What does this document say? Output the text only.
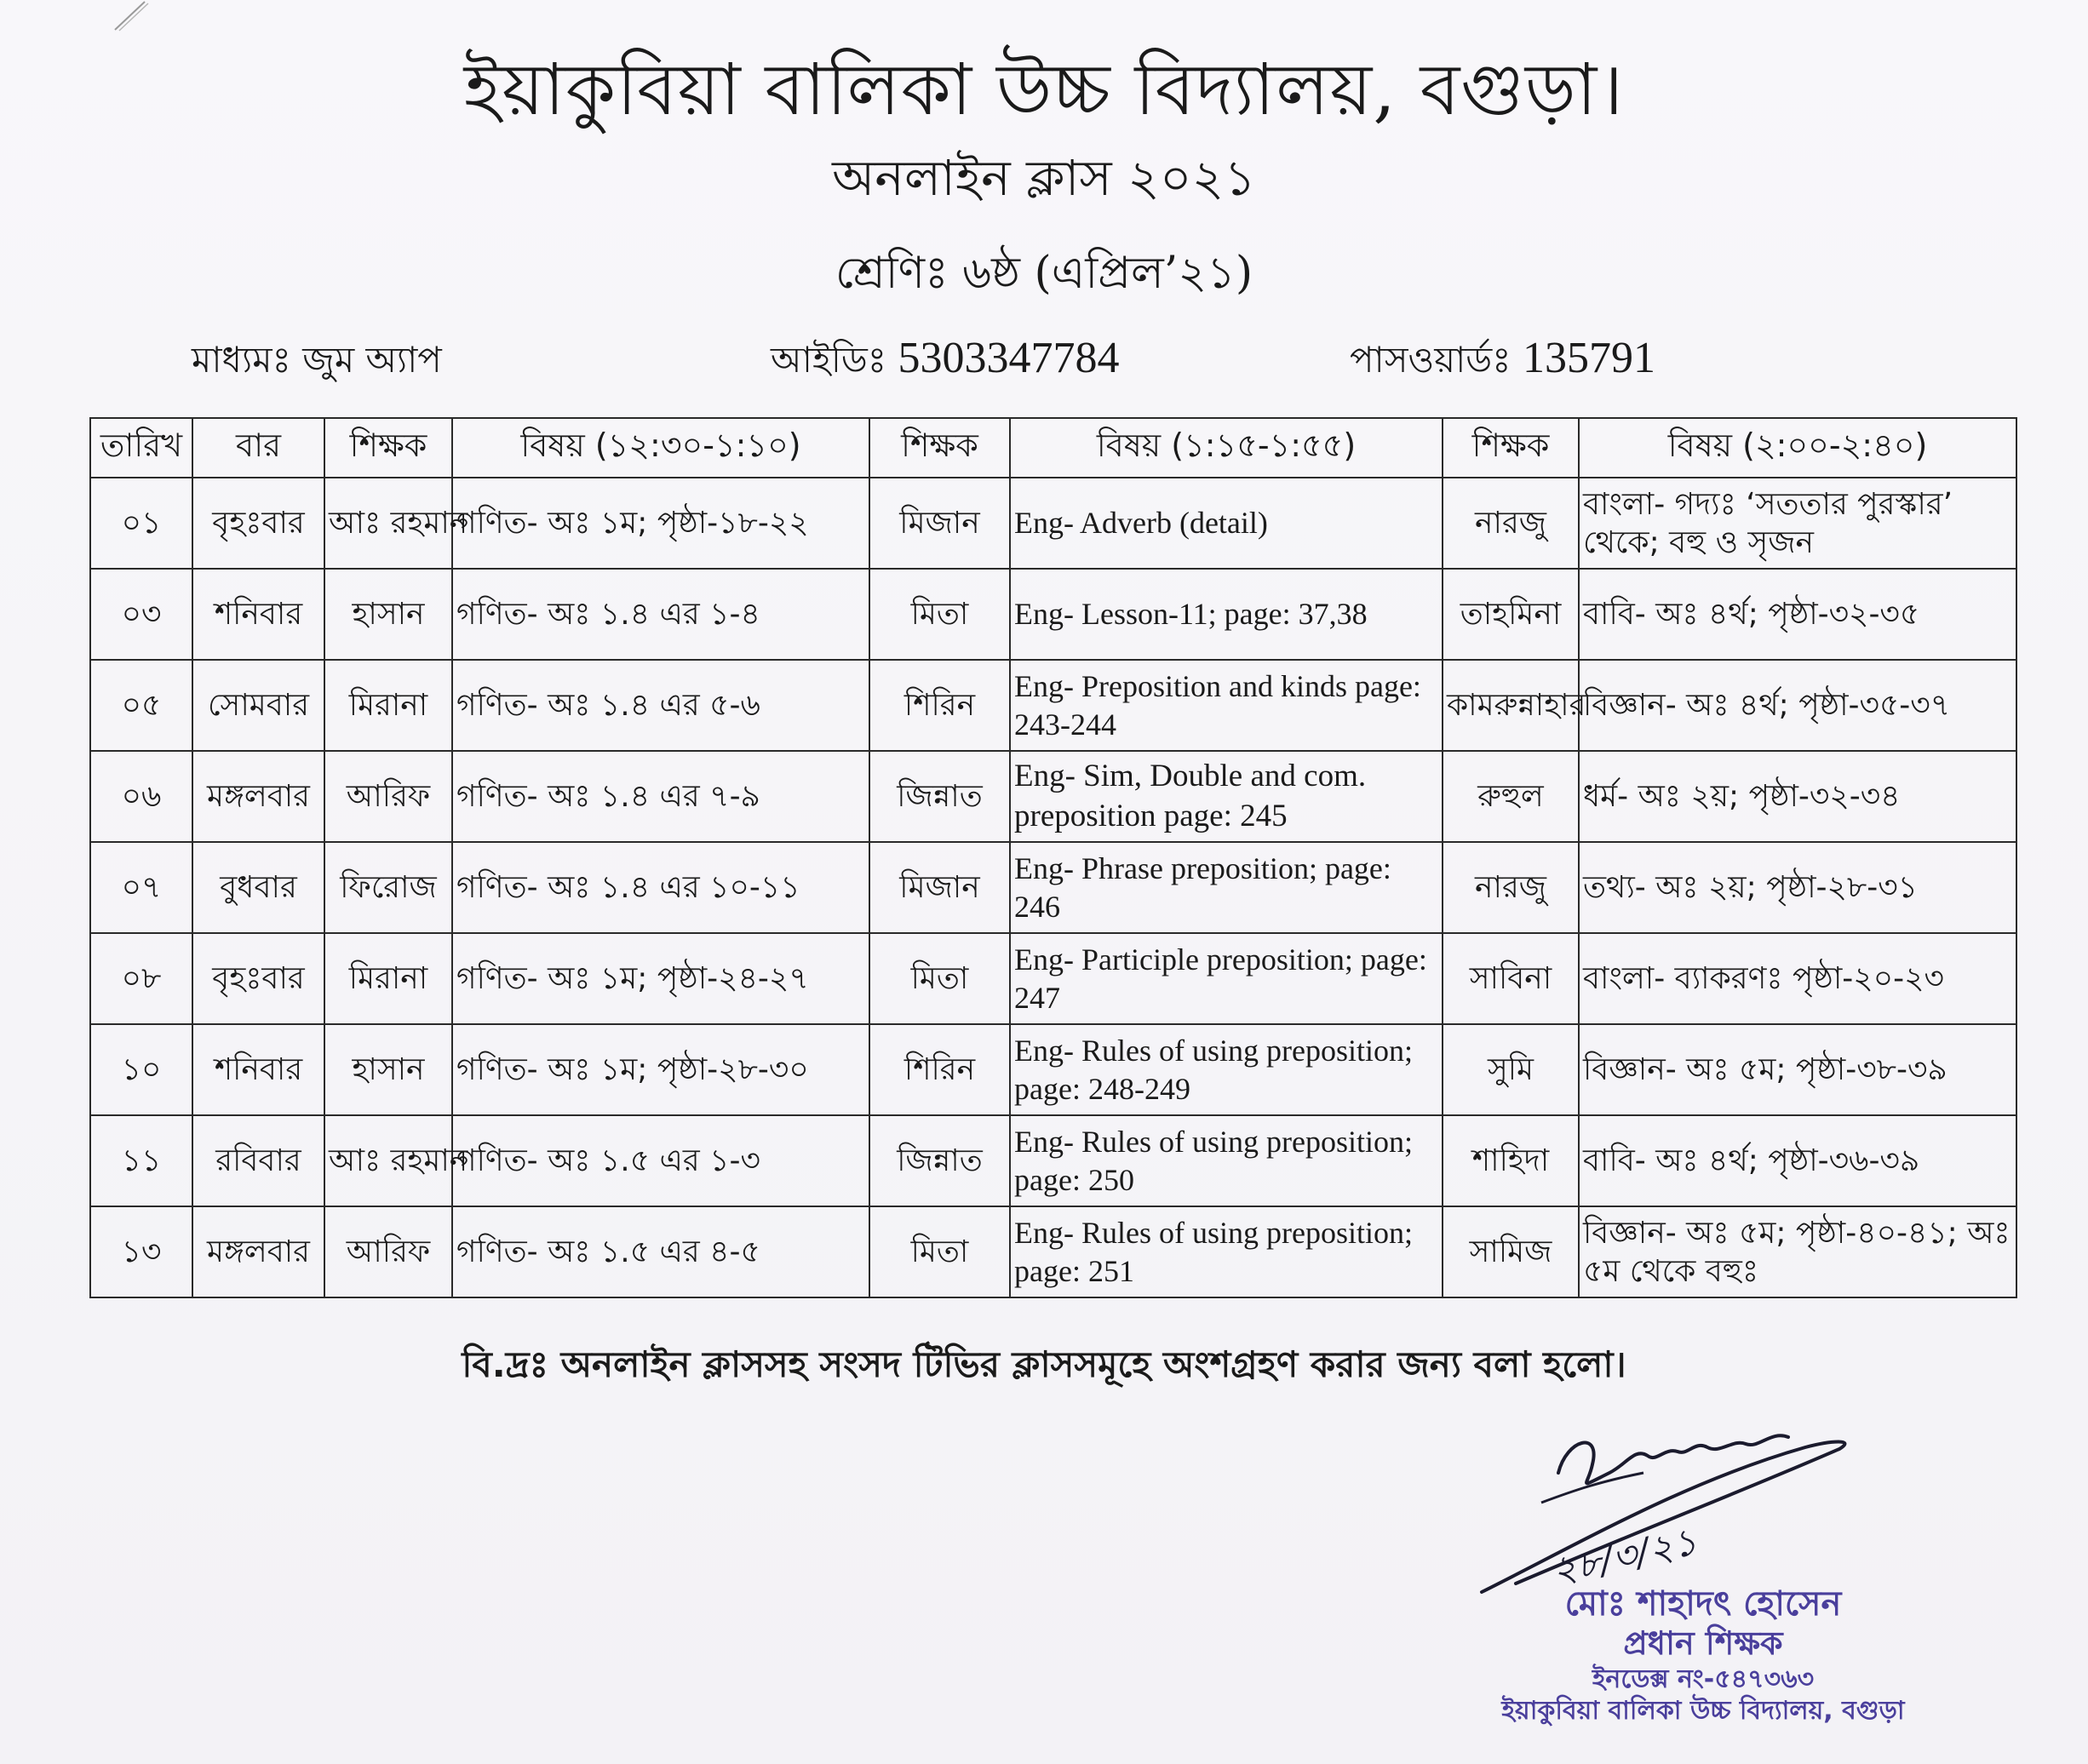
ইয়াকুবিয়া বালিকা উচ্চ বিদ্যালয়, বগুড়া।
অনলাইন ক্লাস ২০২১
শ্রেণিঃ ৬ষ্ঠ (এপ্রিল’২১)
মাধ্যমঃ জুম অ্যাপ	আইডিঃ 5303347784	পাসওয়ার্ডঃ 135791
তারিখ	বার	শিক্ষক	বিষয় (১২:৩০-১:১০)	শিক্ষক	বিষয় (১:১৫-১:৫৫)	শিক্ষক	বিষয় (২:০০-২:৪০)
০১	বৃহঃবার	আঃ রহমান	গণিত- অঃ ১ম; পৃষ্ঠা-১৮-২২	মিজান	Eng- Adverb (detail)	নারজু	বাংলা- গদ্যঃ ‘সততার পুরস্কার’ থেকে; বহু ও সৃজন
০৩	শনিবার	হাসান	গণিত- অঃ ১.৪ এর ১-৪	মিতা	Eng- Lesson-11; page: 37,38	তাহমিনা	বাবি- অঃ ৪র্থ; পৃষ্ঠা-৩২-৩৫
০৫	সোমবার	মিরানা	গণিত- অঃ ১.৪ এর ৫-৬	শিরিন	Eng- Preposition and kinds page: 243-244	কামরুন্নাহার	বিজ্ঞান- অঃ ৪র্থ; পৃষ্ঠা-৩৫-৩৭
০৬	মঙ্গলবার	আরিফ	গণিত- অঃ ১.৪ এর ৭-৯	জিন্নাত	Eng- Sim, Double and com. preposition page: 245	রুহুল	ধর্ম- অঃ ২য়; পৃষ্ঠা-৩২-৩৪
০৭	বুধবার	ফিরোজ	গণিত- অঃ ১.৪ এর ১০-১১	মিজান	Eng- Phrase preposition; page: 246	নারজু	তথ্য- অঃ ২য়; পৃষ্ঠা-২৮-৩১
০৮	বৃহঃবার	মিরানা	গণিত- অঃ ১ম; পৃষ্ঠা-২৪-২৭	মিতা	Eng- Participle preposition; page: 247	সাবিনা	বাংলা- ব্যাকরণঃ পৃষ্ঠা-২০-২৩
১০	শনিবার	হাসান	গণিত- অঃ ১ম; পৃষ্ঠা-২৮-৩০	শিরিন	Eng- Rules of using preposition; page: 248-249	সুমি	বিজ্ঞান- অঃ ৫ম; পৃষ্ঠা-৩৮-৩৯
১১	রবিবার	আঃ রহমান	গণিত- অঃ ১.৫ এর ১-৩	জিন্নাত	Eng- Rules of using preposition; page: 250	শাহিদা	বাবি- অঃ ৪র্থ; পৃষ্ঠা-৩৬-৩৯
১৩	মঙ্গলবার	আরিফ	গণিত- অঃ ১.৫ এর ৪-৫	মিতা	Eng- Rules of using preposition; page: 251	সামিজ	বিজ্ঞান- অঃ ৫ম; পৃষ্ঠা-৪০-৪১; অঃ ৫ম থেকে বহুঃ
বি.দ্রঃ অনলাইন ক্লাসসহ সংসদ টিভির ক্লাসসমূহে অংশগ্রহণ করার জন্য বলা হলো।
২৮/৩/২১
মোঃ শাহাদৎ হোসেন
প্রধান শিক্ষক
ইনডেক্স নং-৫৪৭৩৬৩
ইয়াকুবিয়া বালিকা উচ্চ বিদ্যালয়, বগুড়া
